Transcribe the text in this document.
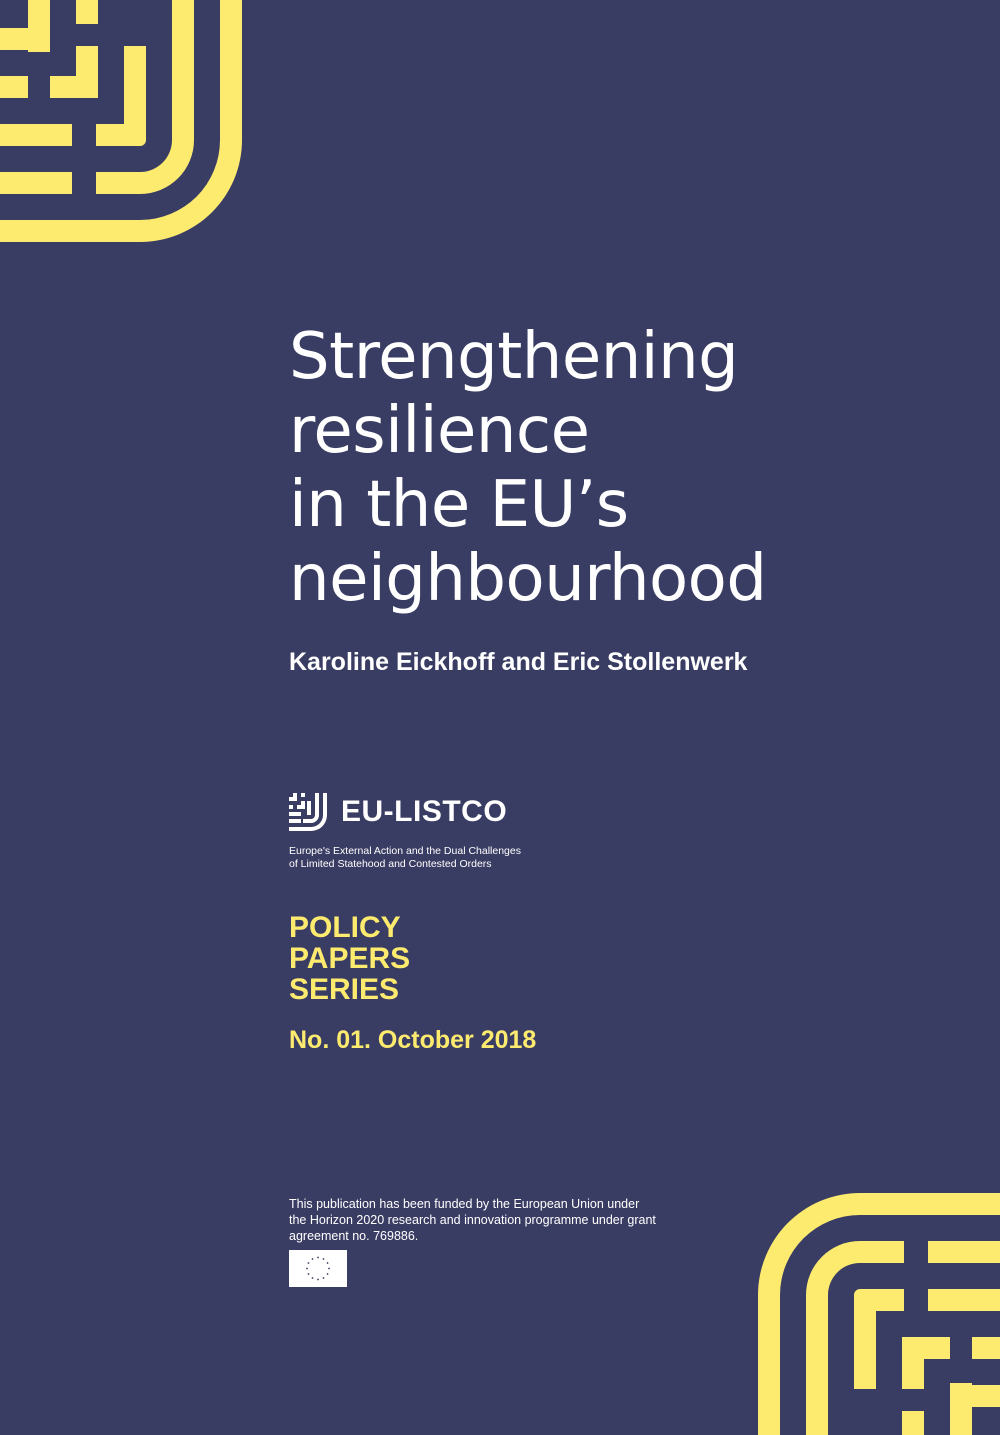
Strengthening
resilience
in the EU’s
neighbourhood

Karoline Eickhoff and Eric Stollenwerk

EU-LISTCO
Europe's External Action and the Dual Challenges
of Limited Statehood and Contested Orders
POLICY
PAPERS
SERIES
No. 01. October 2018
This publication has been funded by the European Union under
the Horizon 2020 research and innovation programme under grant
agreement no. 769886.
